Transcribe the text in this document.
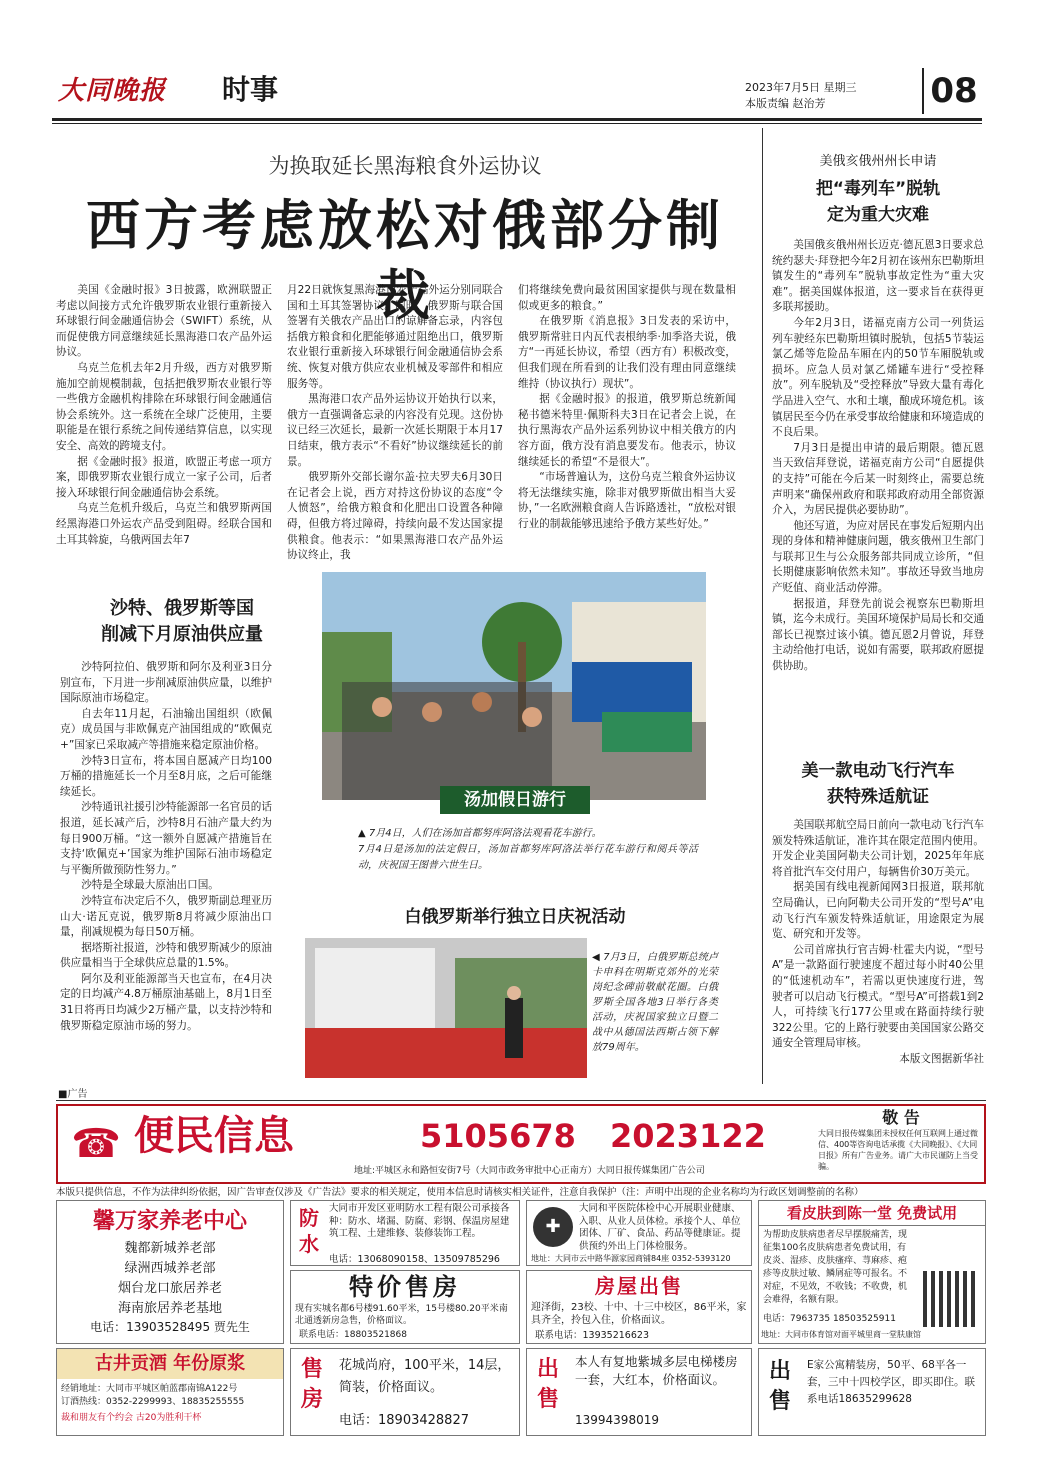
大同晚报	时事	2023年7月5日 星期三
本版责编 赵治芳	08
为换取延长黑海粮食外运协议
西方考虑放松对俄部分制裁

美国《金融时报》3日披露，欧洲联盟正考虑以间接方式允许俄罗斯农业银行重新接入环球银行间金融通信协会（SWIFT）系统，从而促使俄方同意继续延长黑海港口农产品外运协议。

乌克兰危机去年2月升级，西方对俄罗斯施加空前规模制裁，包括把俄罗斯农业银行等一些俄方金融机构排除在环球银行间金融通信协会系统外。这一系统在全球广泛使用，主要职能是在银行系统之间传递结算信息，以实现安全、高效的跨境支付。

据《金融时报》报道，欧盟正考虑一项方案，即俄罗斯农业银行成立一家子公司，后者接入环球银行间金融通信协会系统。

乌克兰危机升级后，乌克兰和俄罗斯两国经黑海港口外运农产品受到阻碍。经联合国和土耳其斡旋，乌俄两国去年7

月22日就恢复黑海港口农产品外运分别同联合国和土耳其签署协议。同时，俄罗斯与联合国签署有关俄农产品出口的谅解备忘录，内容包括俄方粮食和化肥能够通过阻绝出口，俄罗斯农业银行重新接入环球银行间金融通信协会系统、恢复对俄方供应农业机械及零部件和相应服务等。

黑海港口农产品外运协议开始执行以来，俄方一直强调备忘录的内容没有兑现。这份协议已经三次延长，最新一次延长期限于本月17日结束，俄方表示“不看好”协议继续延长的前景。

俄罗斯外交部长谢尔盖·拉夫罗夫6月30日在记者会上说，西方对持这份协议的态度“令人愤怒”，给俄方粮食和化肥出口设置各种障碍，但俄方将过障碍，持续向最不发达国家提供粮食。他表示：“如果黑海港口农产品外运协议终止，我

们将继续免费向最贫困国家提供与现在数量相似或更多的粮食。”

在俄罗斯《消息报》3日发表的采访中，俄罗斯常驻日内瓦代表根纳季·加季洛夫说，俄方“一再延长协议，希望（西方有）积极改变，但我们现在所看到的让我们没有理由同意继续维持（协议执行）现状”。

据《金融时报》的报道，俄罗斯总统新闻秘书德米特里·佩斯科夫3日在记者会上说，在执行黑海农产品外运系列协议中相关俄方的内容方面，俄方没有消息要发布。他表示，协议继续延长的希望“不是很大”。

“市场普遍认为，这份乌克兰粮食外运协议将无法继续实施，除非对俄罗斯做出相当大妥协，”一名欧洲粮食商人告诉路透社，“放松对银行业的制裁能够迅速给予俄方某些好处。”

沙特、俄罗斯等国
削减下月原油供应量

沙特阿拉伯、俄罗斯和阿尔及利亚3日分别宣布，下月进一步削减原油供应量，以维护国际原油市场稳定。

自去年11月起，石油输出国组织（欧佩克）成员国与非欧佩克产油国组成的“欧佩克+”国家已采取减产等措施来稳定原油价格。

沙特3日宣布，将本国自愿减产日均100万桶的措施延长一个月至8月底，之后可能继续延长。

沙特通讯社援引沙特能源部一名官员的话报道，延长减产后，沙特8月石油产量大约为每日900万桶。“这一额外自愿减产措施旨在支持‘欧佩克+’国家为维护国际石油市场稳定与平衡所做预防性努力。”

沙特是全球最大原油出口国。

沙特宣布决定后不久，俄罗斯副总理亚历山大·诺瓦克说，俄罗斯8月将减少原油出口量，削减规模为每日50万桶。

据塔斯社报道，沙特和俄罗斯减少的原油供应量相当于全球供应总量的1.5%。

阿尔及利亚能源部当天也宣布，在4月决定的日均减产4.8万桶原油基础上，8月1日至31日将再日均减少2万桶产量，以支持沙特和俄罗斯稳定原油市场的努力。

汤加假日游行

▲ 7月4日，人们在汤加首都努库阿洛法观看花车游行。

7月4日是汤加的法定假日，汤加首都努库阿洛法举行花车游行和阅兵等活动，庆祝国王图普六世生日。

白俄罗斯举行独立日庆祝活动

◀ 7月3日，白俄罗斯总统卢卡申科在明斯克郊外的光荣岗纪念碑前敬献花圈。白俄罗斯全国各地3日举行各类活动，庆祝国家独立日暨二战中从德国法西斯占领下解放79周年。

美俄亥俄州州长申请
把“毒列车”脱轨
定为重大灾难

美国俄亥俄州州长迈克·德瓦恩3日要求总统约瑟夫·拜登把今年2月初在该州东巴勒斯坦镇发生的“毒列车”脱轨事故定性为“重大灾难”。据美国媒体报道，这一要求旨在获得更多联邦援助。

今年2月3日，诺福克南方公司一列货运列车驶经东巴勒斯坦镇时脱轨，包括5节装运氯乙烯等危险品车厢在内的50节车厢脱轨或损坏。应急人员对氯乙烯罐车进行“受控释放”。列车脱轨及“受控释放”导致大量有毒化学品进入空气、水和土壤，酿成环境危机。该镇居民至今仍在承受事故给健康和环境造成的不良后果。

7月3日是提出申请的最后期限。德瓦恩当天致信拜登说，诺福克南方公司“自愿提供的支持”可能在今后某一时刻终止，需要总统声明来“确保州政府和联邦政府动用全部资源介入，为居民提供必要协助”。

他还写道，为应对居民在事发后短期内出现的身体和精神健康问题，俄亥俄州卫生部门与联邦卫生与公众服务部共同成立诊所，“但长期健康影响依然未知”。事故还导致当地房产贬值、商业活动停滞。

据报道，拜登先前说会视察东巴勒斯坦镇，迄今未成行。美国环境保护局局长和交通部长已视察过该小镇。德瓦恩2月曾说，拜登主动给他打电话，说如有需要，联邦政府愿提供协助。

美一款电动飞行汽车
获特殊适航证

美国联邦航空局日前向一款电动飞行汽车颁发特殊适航证，准许其在限定范围内使用。开发企业美国阿勒夫公司计划，2025年年底将首批汽车交付用户，每辆售价30万美元。

据美国有线电视新闻网3日报道，联邦航空局确认，已向阿勒夫公司开发的“型号A”电动飞行汽车颁发特殊适航证，用途限定为展览、研究和开发等。

公司首席执行官吉姆·杜霍夫内说，“型号A”是一款路面行驶速度不超过每小时40公里的“低速机动车”，若需以更快速度行进，驾驶者可以启动飞行模式。“型号A”可搭载1到2人，可持续飞行177公里或在路面持续行驶322公里。它的上路行驶要由美国国家公路交通安全管理局审核。

本版文图据新华社

■广告
☎ 便民信息	5105678 2023122
地址:平城区永和路恒安街7号（大同市政务审批中心正南方）大同日报传媒集团广告公司
敬 告
大同日报传媒集团未授权任何互联网上通过微信、400等咨询电话承揽《大同晚报》、《大同日报》所有广告业务。请广大市民谨防上当受骗。
本版只提供信息，不作为法律纠纷依据，因广告审查仅涉及《广告法》要求的相关规定，使用本信息时请核实相关证件，注意自我保护（注：声明中出现的企业名称均为行政区划调整前的名称）
馨万家养老中心
魏都新城养老部
绿洲西城养老部
烟台龙口旅居养老
海南旅居养老基地
电话：13903528495 贾先生
防水
大同市开发区亚明防水工程有限公司承接各种：防水、堵漏、防腐、彩钢、保温房屋建筑工程、土建维修、装修装饰工程。
电话：13068090158、13509785296
✚
大同和平医院体检中心开展职业健康、入职、从业人员体检。承接个人、单位团体、厂矿、食品、药品等健康证。提供预约外出上门体检服务。
地址：大同市云中路华源家园商铺84座 0352-5393120
看皮肤到陈一堂 免费试用
为帮助皮肤病患者尽早摆脱痛苦，现征集100名皮肤病患者免费试用，有皮炎、湿疹、皮肤瘙痒、荨麻疹、疱疹等皮肤过敏、鳞屑症等可报名。不对症，不见效，不收钱；不收费，机会难得，名额有限。
电话：7963735 18503525911
地址：大同市体育馆对面平城里商一堂肤康馆
特价售房
现有实城名都6号楼91.60平米，15号楼80.20平米南北通透新房急售，价格面议。
联系电话：18803521868
房屋出售
迎泽街，23校、十中、十三中校区，86平米，家具齐全，拎包入住，价格面议。
联系电话：13935216623
古井贡酒 年份原浆
经销地址：大同市平城区帕蓝郡南锦A122号
订酒热线：0352-2299993、18835255555
裁和朋友有个约会 古20为胜利干杯
售房
花城尚府，100平米，14层，简装，价格面议。
电话：18903428827
出售
本人有复地紫城多层电梯楼房一套，大红本，价格面议。
13994398019
出售
E家公寓精装房，50平、68平各一套，三中十四校学区，即买即住。联系电话18635299628
